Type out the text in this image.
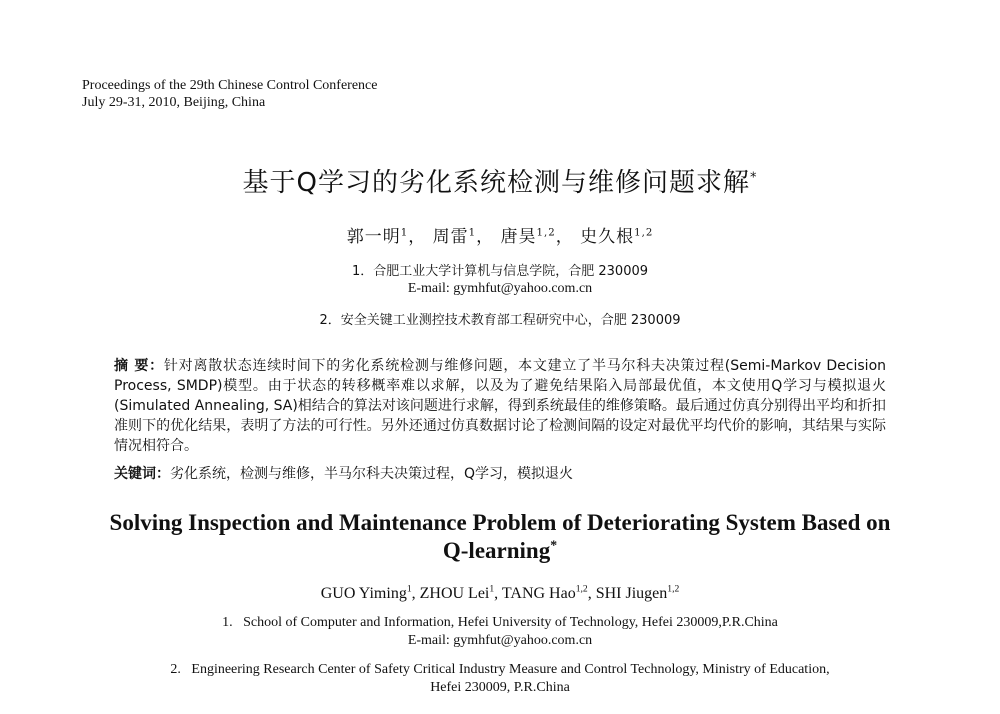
Proceedings of the 29th Chinese Control Conference
July 29-31, 2010, Beijing, China
基于Q学习的劣化系统检测与维修问题求解*
郭一明$^1$， 周雷$^1$， 唐昊$^{1,2}$， 史久根$^{1,2}$
1．合肥工业大学计算机与信息学院，合肥 230009
E-mail: gymhfut@yahoo.com.cn
2．安全关键工业测控技术教育部工程研究中心，合肥 230009
摘 要：针对离散状态连续时间下的劣化系统检测与维修问题，本文建立了半马尔科夫决策过程(Semi-Markov Decision Process, SMDP)模型。由于状态的转移概率难以求解，以及为了避免结果陷入局部最优值，本文使用Q学习与模拟退火(Simulated Annealing, SA)相结合的算法对该问题进行求解，得到系统最佳的维修策略。最后通过仿真分别得出平均和折扣准则下的优化结果，表明了方法的可行性。另外还通过仿真数据讨论了检测间隔的设定对最优平均代价的影响，其结果与实际情况相符合。
关键词：劣化系统，检测与维修，半马尔科夫决策过程，Q学习，模拟退火
Solving Inspection and Maintenance Problem of Deteriorating System Based on
Q-learning*
GUO Yiming$^1$, ZHOU Lei$^1$, TANG Hao$^{1,2}$, SHI Jiugen$^{1,2}$
1.   School of Computer and Information, Hefei University of Technology, Hefei 230009,P.R.China
E-mail: gymhfut@yahoo.com.cn
2.   Engineering Research Center of Safety Critical Industry Measure and Control Technology, Ministry of Education,
Hefei 230009, P.R.China
